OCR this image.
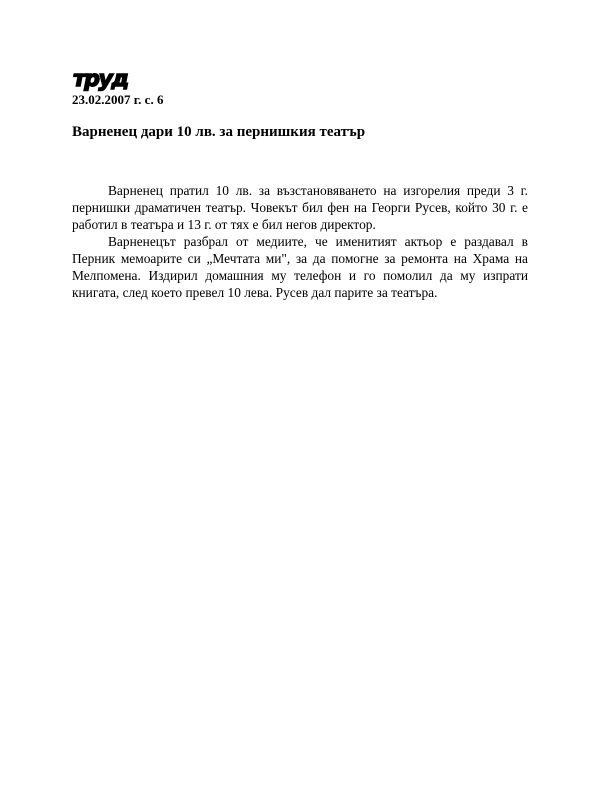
труд
23.02.2007 г. с. 6
Варненец дари 10 лв. за пернишкия театър

Варненец пратил 10 лв. за възстановяването на изгорелия преди 3 г. пернишки драматичен театър. Човекът бил фен на Георги Русев, който 30 г. е работил в театъра и 13 г. от тях е бил негов директор.

Варненецът разбрал от медиите, че именитият актьор е раздавал в Перник мемоарите си „Мечтата ми", за да помогне за ремонта на Храма на Мелпомена. Издирил домашния му телефон и го помолил да му изпрати книгата, след което превел 10 лева. Русев дал парите за театъра.
